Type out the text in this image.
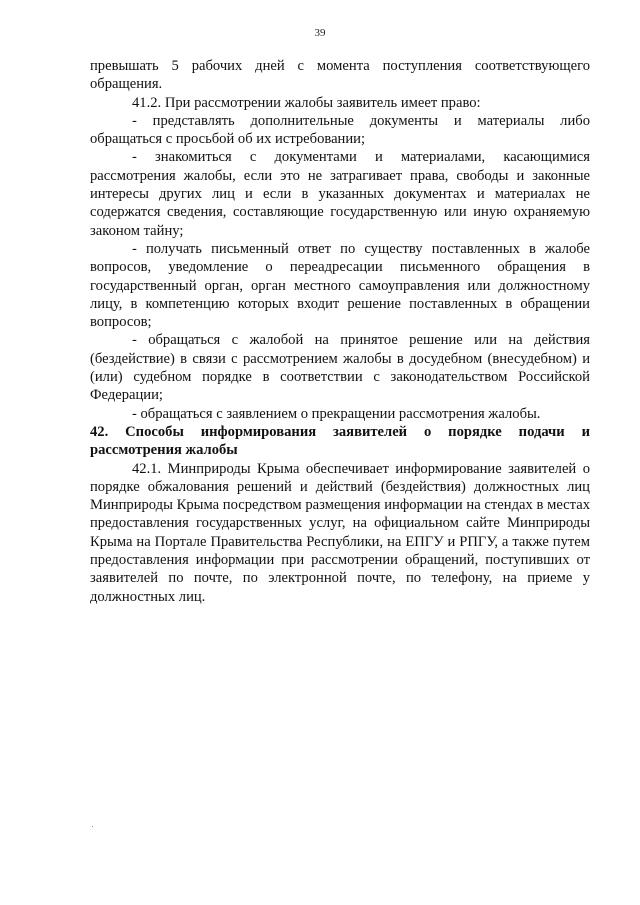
39

превышать 5 рабочих дней с момента поступления соответствующего обращения.

41.2. При рассмотрении жалобы заявитель имеет право:

- представлять дополнительные документы и материалы либо обращаться с просьбой об их истребовании;

- знакомиться с документами и материалами, касающимися рассмотрения жалобы, если это не затрагивает права, свободы и законные интересы других лиц и если в указанных документах и материалах не содержатся сведения, составляющие государственную или иную охраняемую законом тайну;

- получать письменный ответ по существу поставленных в жалобе вопросов, уведомление о переадресации письменного обращения в государственный орган, орган местного самоуправления или должностному лицу, в компетенцию которых входит решение поставленных в обращении вопросов;

- обращаться с жалобой на принятое решение или на действия (бездействие) в связи с рассмотрением жалобы в досудебном (внесудебном) и (или) судебном порядке в соответствии с законодательством Российской Федерации;

- обращаться с заявлением о прекращении рассмотрения жалобы.

42. Способы информирования заявителей о порядке подачи и рассмотрения жалобы

42.1. Минприроды Крыма обеспечивает информирование заявителей о порядке обжалования решений и действий (бездействия) должностных лиц Минприроды Крыма посредством размещения информации на стендах в местах предоставления государственных услуг, на официальном сайте Минприроды Крыма на Портале Правительства Республики, на ЕПГУ и РПГУ, а также путем предоставления информации при рассмотрении обращений, поступивших от заявителей по почте, по электронной почте, по телефону, на приеме у должностных лиц.
